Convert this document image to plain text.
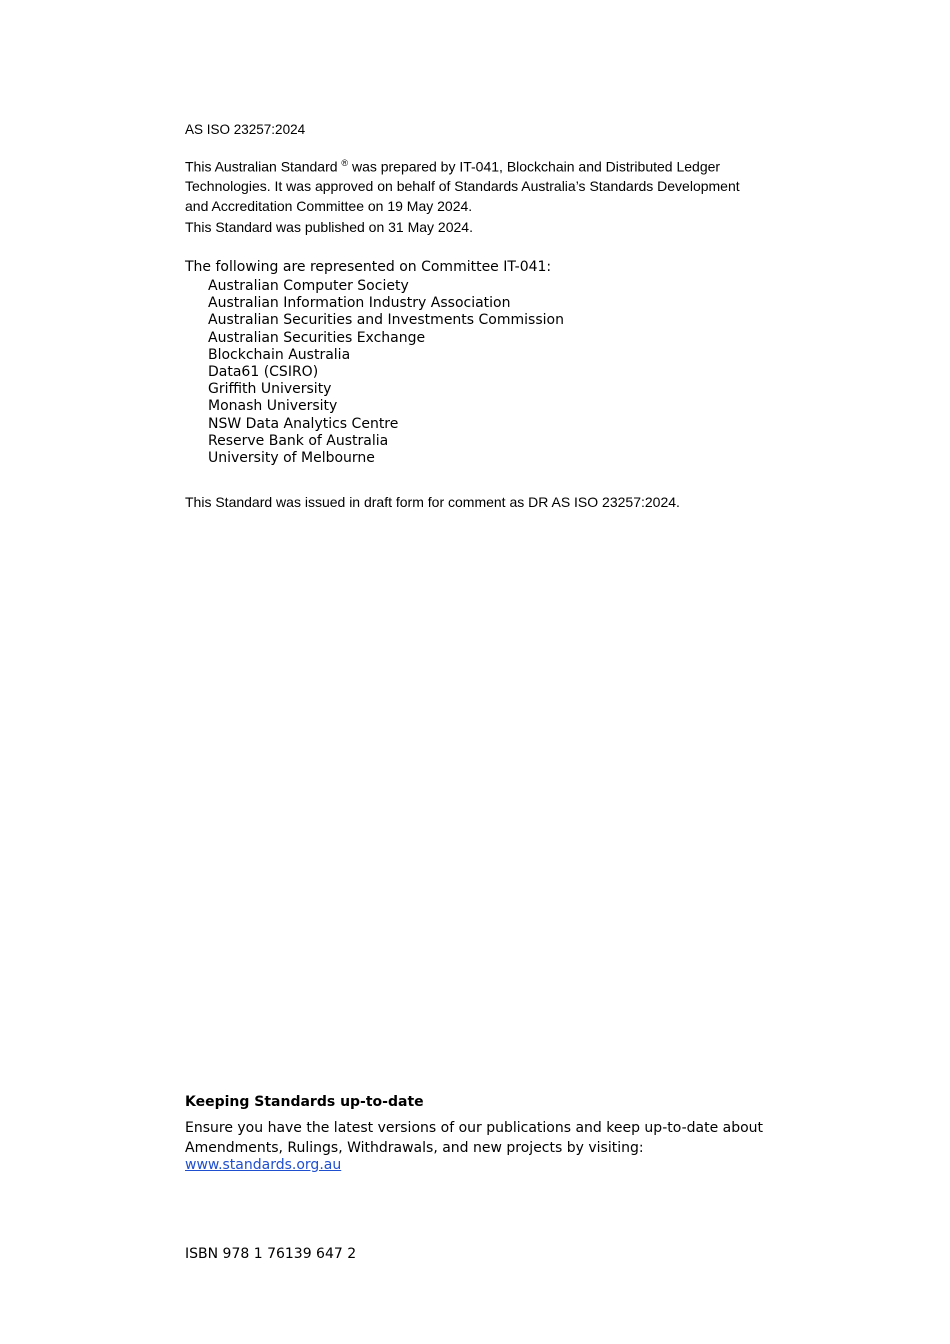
AS ISO 23257:2024
This Australian Standard ® was prepared by IT-041, Blockchain and Distributed Ledger Technologies. It was approved on behalf of Standards Australia’s Standards Development and Accreditation Committee on 19 May 2024.
This Standard was published on 31 May 2024.
The following are represented on Committee IT-041:
Australian Computer Society
Australian Information Industry Association
Australian Securities and Investments Commission
Australian Securities Exchange
Blockchain Australia
Data61 (CSIRO)
Griffith University
Monash University
NSW Data Analytics Centre
Reserve Bank of Australia
University of Melbourne
This Standard was issued in draft form for comment as DR AS ISO 23257:2024.
Keeping Standards up-to-date
Ensure you have the latest versions of our publications and keep up-to-date about Amendments, Rulings, Withdrawals, and new projects by visiting:
www.standards.org.au
ISBN 978 1 76139 647 2
